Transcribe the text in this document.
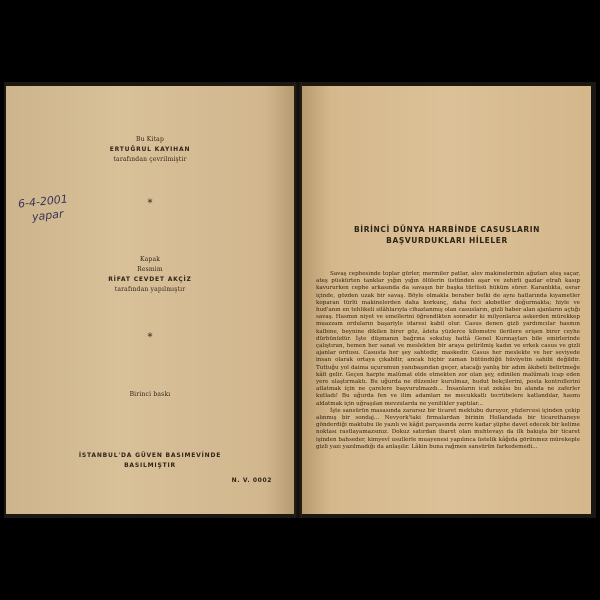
6-4-2001
yapar
Bu Kitap
ERTUĞRUL KAYIHAN
tarafından çevrilmiştir
*
Kapak
Resmim
RİFAT CEVDET AKÇİZ
tarafından yapılmıştır
*
Birinci baskı
İSTANBUL'DA GÜVEN BASIMEVİNDE
BASILMIŞTIR
N. V. 0002
BİRİNCİ DÜNYA HARBİNDE CASUSLARIN
BAŞVURDUKLARI HİLELER

Savaş cephesinde toplar gürler, mermiler patlar, alev makinelerinin ağızları ateş saçar, ateş püskürten tanklar yığın yığın ölülerin üstünden aşar ve zehirli gazlar etrafı kasıp kavururken cephe arkasında da savaşın bir başka türlüsü hüküm sürer. Karanlıkta, esrar içinde, gözden uzak bir savaş. Böyle olmakla beraber belki de aynı hatlarında kıyametler koparan türlü makinelerden daha korkunç, daha feci akıbetler doğurmakta; hiyle ve hud'anın en tehlikeli silâhlarıyla cihazlanmış olan casusların, gizli haber alan ajanların açtığı savaş. Hasmın niyet ve emellerini öğrendikten sonradır ki milyonlarca askerden mürekkep muazzam orduların başariyle idaresi kabil olur. Casus denen gizli yardımcılar hasmın kalbine, beynine dikilen birer göz, âdeta yüzlerce kilometre ilerilere erişen birer ceyhe dürbünüdür. İşte düşmanın bağrına sokuluş hattâ Genel Kurmayları bile emirlerinde çalıştıran, hemen her sanat ve meslekten bir araya getirilmiş kadın ve erkek casus ve gizli ajanlar ordusu. Casusta her şey sahtedir, maskedir. Casus her meslekte ve her seviyede insan olarak ortaya çıkabilir, ancak hiçbir zaman bütündüğü hüviyetin sahibi değildir. Tuttuğu yol daima uçurumun yanıbaşından geçer, atacağı yanlış bir adım âkıbeti belirtmeğe kâfi gelir. Geçen harpte malûmat elde etmekten zor olan şey, edinilen malûmatı icap eden yere ulaştırmaktı. Bu uğurda ne düzenler kurulmaz, hudut bekçilerini, posta kontrollerini atlatmak için ne çarelere başvurulmazdı... İnsanların icat zekâsı bu alanda ne zaferler kutladı! Bu uğurda fen ve ilim adamları ne mecukkatlı tecrübelere katlandılar, hasmı aldatmak için uğraşılan mevzularda ne yenilikler yaptılar...

İşte sansürün masasında zararsız bir ticaret mektubu duruyor, yüzlercesi içinden çekip alınmış bir sondaj... Nevyork'taki firmalardan birinin Hollandada bir ticarethaneye gönderdiği maktubu ile yazılı ve kâğıt parçasında zerre kadar şüphe davet edecek bir kelime noktası rastlayamazsınız. Dokuz satırdan ibaret olan muhtevayı da ilk bakışta bir ticaret işinden bahseder, kimyevî usullerle muayenesi yapılınca üstelik kâğıda görünmez mürekeple gizli yazı yazılmadığı da anlaşılır. Lâkin buna rağmen sansürün farkedemedi...
